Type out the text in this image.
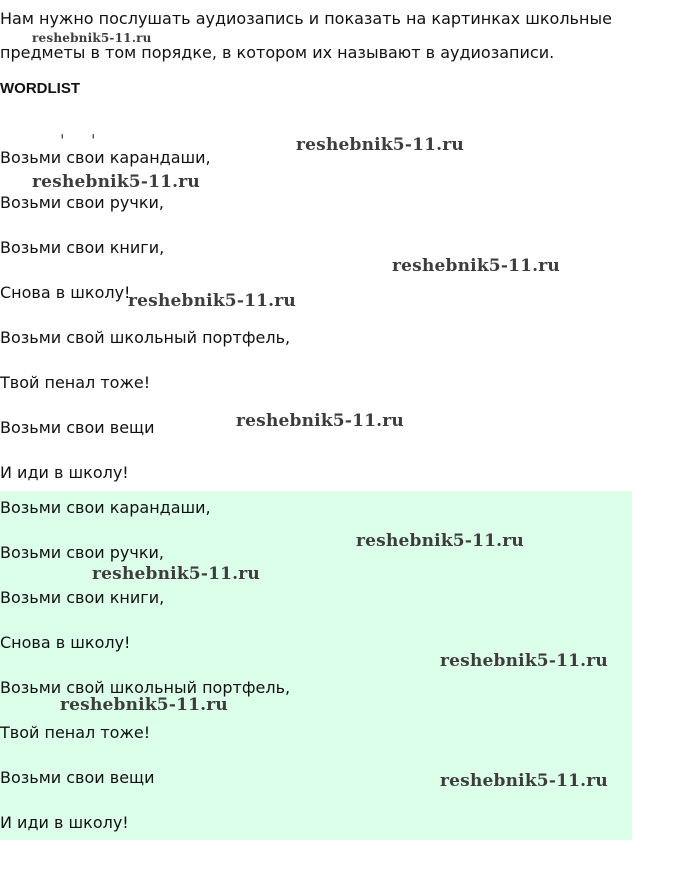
Нам нужно послушать аудиозапись и показать на картинках школьные
предметы в том порядке, в котором их называют в аудиозаписи.
WORDLIST
ˌ ˌ
Возьми свои карандаши,
Возьми свои ручки,
Возьми свои книги,
Снова в школу!
Возьми свой школьный портфель,
Твой пенал тоже!
Возьми свои вещи
И иди в школу!
Возьми свои карандаши,
Возьми свои ручки,
Возьми свои книги,
Снова в школу!
Возьми свой школьный портфель,
Твой пенал тоже!
Возьми свои вещи
И иди в школу!
reshebnik5-11.ru
reshebnik5-11.ru
reshebnik5-11.ru
reshebnik5-11.ru
reshebnik5-11.ru
reshebnik5-11.ru
reshebnik5-11.ru
reshebnik5-11.ru
reshebnik5-11.ru
reshebnik5-11.ru
reshebnik5-11.ru
